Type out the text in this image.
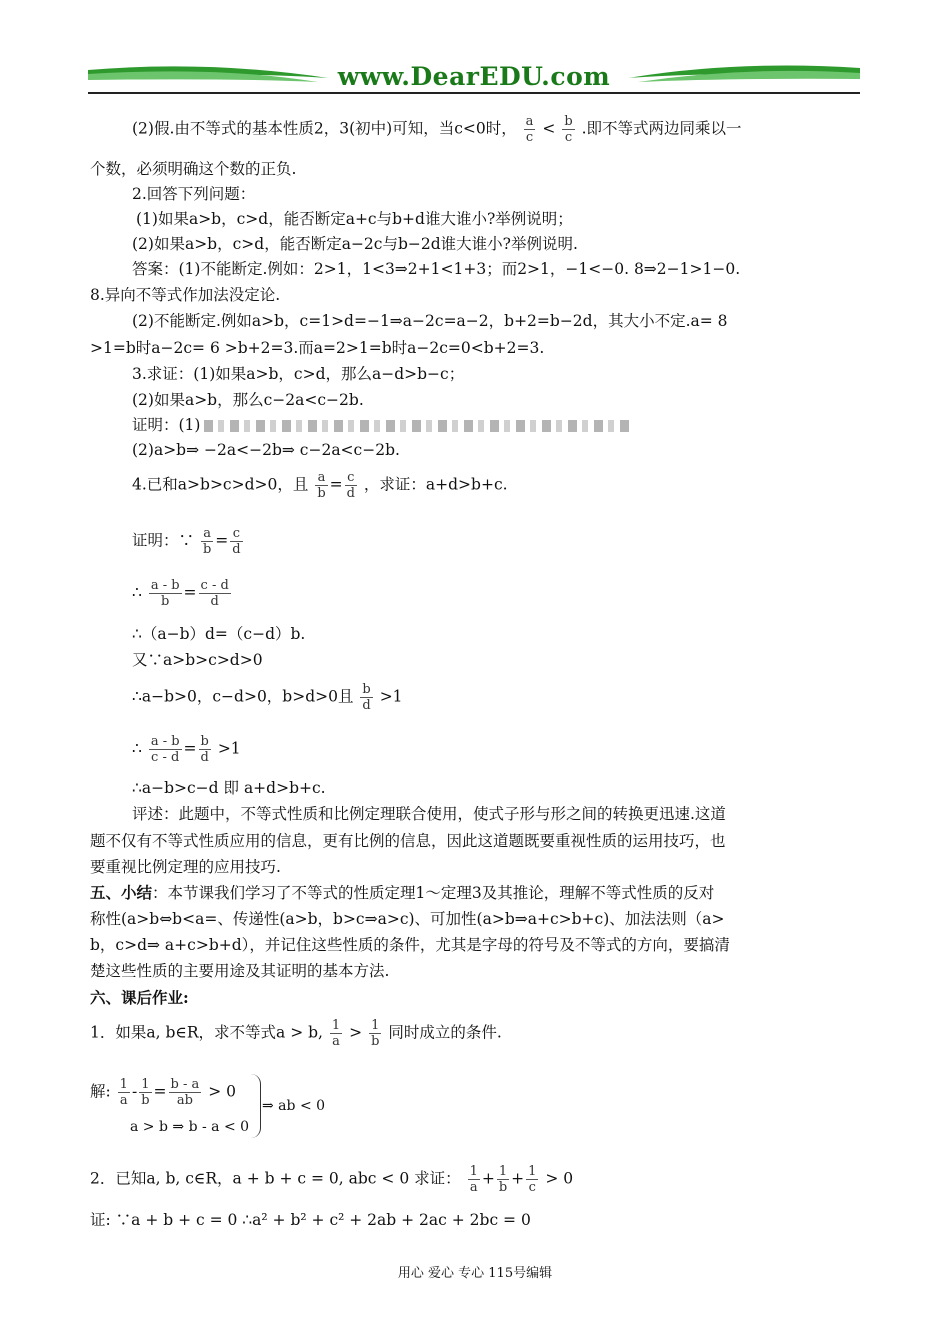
www.DearEDU.com
(2)假.由不等式的基本性质2，3(初中)可知，当c<0时， $\frac{a}{c} < \frac{b}{c}$ .即不等式两边同乘以一
个数，必须明确这个数的正负.
2.回答下列问题：
(1)如果a>b，c>d，能否断定a+c与b+d谁大谁小?举例说明；
(2)如果a>b，c>d，能否断定a−2c与b−2d谁大谁小?举例说明.
答案：(1)不能断定.例如：2>1，1<3⇒2+1<1+3；而2>1，−1<−0. 8⇒2−1>1−0.
8.异向不等式作加法没定论.
(2)不能断定.例如a>b，c=1>d=−1⇒a−2c=a−2，b+2=b−2d，其大小不定.a= 8
>1=b时a−2c= 6 >b+2=3.而a=2>1=b时a−2c=0<b+2=3.
3.求证：(1)如果a>b，c>d，那么a−d>b−c；
(2)如果a>b，那么c−2a<c−2b.
证明：(1)
(2)a>b⇒ −2a<−2b⇒ c−2a<c−2b.
4.已和a>b>c>d>0，且 $\frac{a}{b} = \frac{c}{d}$ ，求证：a+d>b+c.
证明：∵ $\frac{a}{b} = \frac{c}{d}$
∴ $\frac{a - b}{b} = \frac{c - d}{d}$
∴（a−b）d=（c−d）b.
又∵a>b>c>d>0
∴a−b>0，c−d>0，b>d>0且 $\frac{b}{d} >1$
∴ $\frac{a - b}{c - d} = \frac{b}{d} >1$
∴a−b>c−d 即 a+d>b+c.
评述：此题中，不等式性质和比例定理联合使用，使式子形与形之间的转换更迅速.这道
题不仅有不等式性质应用的信息，更有比例的信息，因此这道题既要重视性质的运用技巧，也
要重视比例定理的应用技巧.
五、小结：本节课我们学习了不等式的性质定理1～定理3及其推论，理解不等式性质的反对
称性(a>b⇔b<a=、传递性(a>b，b>c⇒a>c)、可加性(a>b⇒a+c>b+c)、加法法则（a>
b，c>d⇒ a+c>b+d），并记住这些性质的条件，尤其是字母的符号及不等式的方向，要搞清
楚这些性质的主要用途及其证明的基本方法.
六、课后作业:
1．如果a, b∈R，求不等式a > b, $\frac{1}{a} > \frac{1}{b}$ 同时成立的条件.
解: $\frac{1}{a} - \frac{1}{b} = \frac{b - a}{ab} > 0$
a > b ⇒ b - a < 0
⇒ ab < 0
2．已知a, b, c∈R，a + b + c = 0, abc < 0 求证： $\frac{1}{a} + \frac{1}{b} + \frac{1}{c} > 0$
证: ∵a + b + c = 0 ∴a² + b² + c² + 2ab + 2ac + 2bc = 0
用心 爱心 专心 115号编辑
